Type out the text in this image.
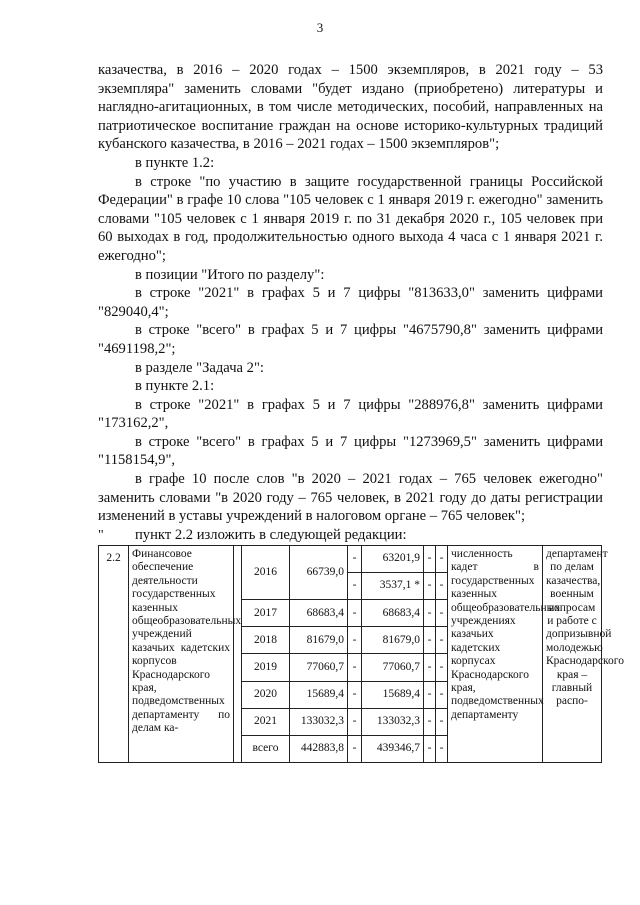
3

казачества, в 2016 – 2020 годах – 1500 экземпляров, в 2021 году – 53 экземпляра" заменить словами "будет издано (приобретено) литературы и наглядно-агитационных, в том числе методических, пособий, направленных на патриотическое воспитание граждан на основе историко-культурных традиций кубанского казачества, в 2016 – 2021 годах – 1500 экземпляров";

в пункте 1.2:

в строке "по участию в защите государственной границы Российской Федерации" в графе 10 слова "105 человек с 1 января 2019 г. ежегодно" заменить словами "105 человек с 1 января 2019 г. по 31 декабря 2020 г., 105 человек при 60 выходах в год, продолжительностью одного выхода 4 часа с 1 января 2021 г. ежегодно";

в позиции "Итого по разделу":

в строке "2021" в графах 5 и 7 цифры "813633,0" заменить цифрами "829040,4";

в строке "всего" в графах 5 и 7 цифры "4675790,8" заменить цифрами "4691198,2";

в разделе "Задача 2":

в пункте 2.1:

в строке "2021" в графах 5 и 7 цифры "288976,8" заменить цифрами "173162,2",

в строке "всего" в графах 5 и 7 цифры "1273969,5" заменить цифрами "1158154,9",

в графе 10 после слов "в 2020 – 2021 годах – 765 человек ежегодно" заменить словами "в 2020 году – 765 человек, в 2021 году до даты регистрации изменений в уставы учреждений в налоговом органе – 765 человек";

пункт 2.2 изложить в следующей редакции:

"
2.2	Финансовое обеспечение деятельности государственных казенных общеобразовательных учреждений казачьих кадетских корпусов Краснодарского края, подведомственных департаменту по делам ка-		2016	66739,0	-	63201,9	-	-	численность кадет в государственных казенных общеобразовательных учреждениях казачьих кадетских корпусах Краснодарского края, подведомственных департаменту	департамент по делам казачества, военным вопросам и работе с допризывной молодежью Краснодарского края – главный распо-
					-	3537,1 *	-	-		
			2017	68683,4	-	68683,4	-	-		
			2018	81679,0	-	81679,0	-	-		
			2019	77060,7	-	77060,7	-	-		
			2020	15689,4	-	15689,4	-	-		
			2021	133032,3	-	133032,3	-	-		
			всего	442883,8	-	439346,7	-	-		
